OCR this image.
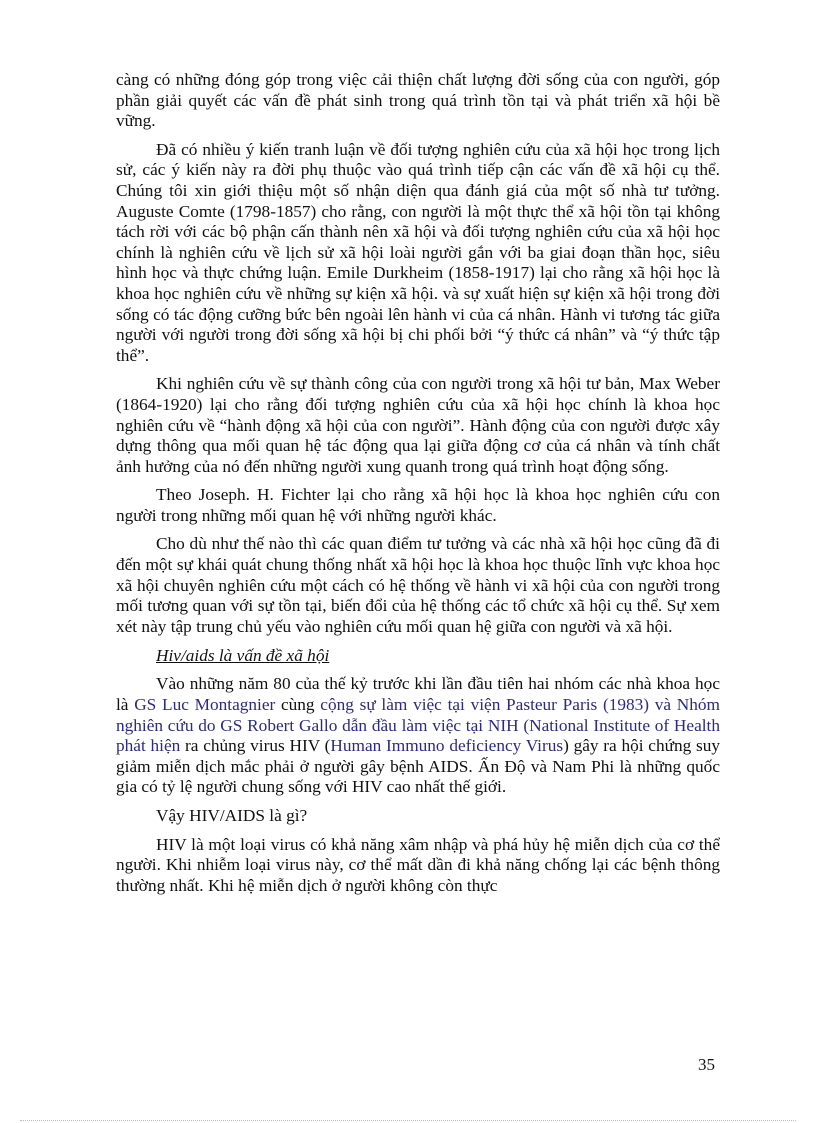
càng có những đóng góp trong việc cải thiện chất lượng đời sống của con người, góp phần giải quyết các vấn đề phát sinh trong quá trình tồn tại và phát triển xã hội bề vững.

Đã có nhiều ý kiến tranh luận về đối tượng nghiên cứu của xã hội học trong lịch sử, các ý kiến này ra đời phụ thuộc vào quá trình tiếp cận các vấn đề xã hội cụ thể. Chúng tôi xin giới thiệu một số nhận diện qua đánh giá của một số nhà tư tưởng. Auguste Comte (1798-1857) cho rằng, con người là một thực thể xã hội tồn tại không tách rời với các bộ phận cấn thành nên xã hội và đối tượng nghiên cứu của xã hội học chính là nghiên cứu về lịch sử xã hội loài người gắn với ba giai đoạn thần học, siêu hình học và thực chứng luận. Emile Durkheim (1858-1917) lại cho rằng xã hội học là khoa học nghiên cứu về những sự kiện xã hội. và sự xuất hiện sự kiện xã hội trong đời sống có tác động cưỡng bức bên ngoài lên hành vi của cá nhân. Hành vi tương tác giữa người với người trong đời sống xã hội bị chi phối bởi “ý thức cá nhân” và “ý thức tập thể”.

Khi nghiên cứu về sự thành công của con người trong xã hội tư bản, Max Weber (1864-1920) lại cho rằng đối tượng nghiên cứu của xã hội học chính là khoa học nghiên cứu về “hành động xã hội của con người”. Hành động của con người được xây dựng thông qua mối quan hệ tác động qua lại giữa động cơ của cá nhân và tính chất ảnh hưởng của nó đến những người xung quanh trong quá trình hoạt động sống.

Theo Joseph. H. Fichter lại cho rằng xã hội học là khoa học nghiên cứu con người trong những mối quan hệ với những người khác.

Cho dù như thế nào thì các quan điểm tư tưởng và các nhà xã hội học cũng đã đi đến một sự khái quát chung thống nhất xã hội học là khoa học thuộc lĩnh vực khoa học xã hội chuyên nghiên cứu một cách có hệ thống về hành vi xã hội của con người trong mối tương quan với sự tồn tại, biến đổi của hệ thống các tổ chức xã hội cụ thể. Sự xem xét này tập trung chủ yếu vào nghiên cứu mối quan hệ giữa con người và xã hội.

Hiv/aids là vấn đề xã hội

Vào những năm 80 của thế kỷ trước khi lần đầu tiên hai nhóm các nhà khoa học là GS Luc Montagnier cùng cộng sự làm việc tại viện Pasteur Paris (1983) và Nhóm nghiên cứu do GS Robert Gallo dẫn đầu làm việc tại NIH (National Institute of Health phát hiện ra chủng virus HIV (Human Immuno deficiency Virus) gây ra hội chứng suy giảm miễn dịch mắc phải ở người gây bệnh AIDS. Ấn Độ và Nam Phi là những quốc gia có tỷ lệ người chung sống với HIV cao nhất thế giới.

Vậy HIV/AIDS là gì?

HIV là một loại virus có khả năng xâm nhập và phá hủy hệ miễn dịch của cơ thể người. Khi nhiễm loại virus này, cơ thể mất dần đi khả năng chống lại các bệnh thông thường nhất. Khi hệ miễn dịch ở người không còn thực

35
